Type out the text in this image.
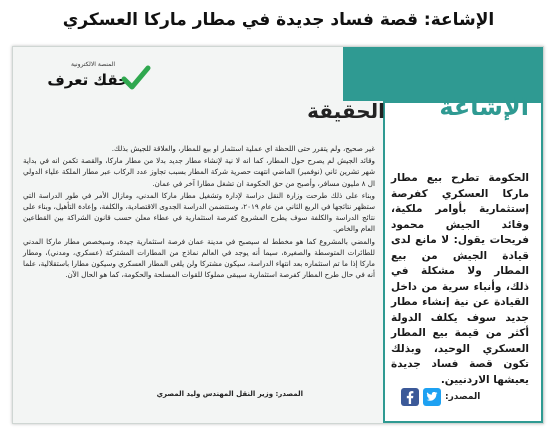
الإشاعة: قصة فساد جديدة في مطار ماركا العسكري
المنصة الالكترونية
حقك تعرف
الإشاعة
الحقيقة
الحكومة تطرح بيع مطار ماركا العسكري كفرصة إستثمارية بأوامر ملكية، وقائد الجيش محمود فريحات يقول: لا مانع لدى قيادة الجيش من بيع المطار ولا مشكلة في ذلك، وأنباء سرية من داخل القيادة عن نية إنشاء مطار جديد سوف يكلف الدولة أكثر من قيمة بيع المطار العسكري الوحيد، وبذلك تكون قصة فساد جديدة يعيشها الاردنيين.

غير صحيح، ولم يتقرر حتى اللحظة اي عملية استثمار او بيع للمطار، والعلاقة للجيش بذلك.

وقائد الجيش لم يصرح حول المطار، كما انه لا نية لإنشاء مطار جديد بدلا من مطار ماركا، والقصة تكمن انه في بداية شهر تشرين ثاني (نوفمبر) الماضي انتهت حصرية شركة المطار بسبب تجاوز عدد الركاب عبر مطار الملكة علياء الدولي ال ٨ مليون مسافر، وأصبح من حق الحكومة ان تشغل مطارا آخر في عمان.

وبناء على ذلك طرحت وزارة النقل دراسة لإدارة وتشغيل مطار ماركا المدني، ومازال الأمر في طور الدراسة التي ستظهر نتائجها في الربع الثاني من عام ٢٠١٩، وستتضمن الدراسة الجدوى الاقتصادية، والكلفة، وإعادة التأهيل، وبناء على نتائج الدراسة والكلفة سوف يطرح المشروع كفرصة استثمارية في عطاء معلن حسب قانون الشراكة بين القطاعين العام والخاص.

والمضي بالمشروع كما هو مخطط له سيصبح في مدينة عمان فرصة استثمارية جيدة، وسيخصص مطار ماركا المدني للطائرات المتوسطة والصغيرة، سيما أنه يوجد في العالم نماذج من المطارات المشتركة (عسكري، ومدني)، ومطار ماركا إذا ما تم استثماره بعد انتهاء الدراسة، سيكون مشتركا ولن يلغى المطار العسكري وسيكون مطارا باستقلالية، علما أنه في حال طرح المطار كفرصة استثمارية سيبقى مملوكا للقوات المسلحة والحكومة، كما هو الحال الآن.

المصدر: وزير النقل المهندس وليد المصري	المصدر:
